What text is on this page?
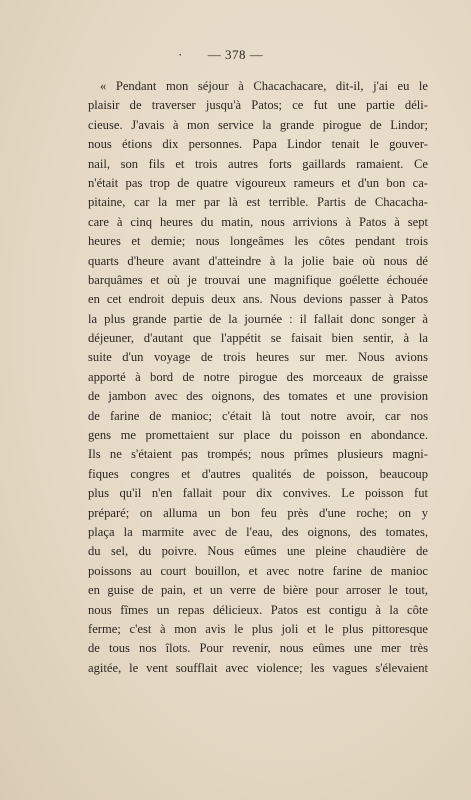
· — 378 —
« Pendant mon séjour à Chacachacare, dit-il, j'ai eu le
plaisir de traverser jusqu'à Patos; ce fut une partie déli-
cieuse. J'avais à mon service la grande pirogue de Lindor;
nous étions dix personnes. Papa Lindor tenait le gouver-
nail, son fils et trois autres forts gaillards ramaient. Ce
n'était pas trop de quatre vigoureux rameurs et d'un bon ca-
pitaine, car la mer par là est terrible. Partis de Chacacha-
care à cinq heures du matin, nous arrivions à Patos à sept
heures et demie; nous longeâmes les côtes pendant trois
quarts d'heure avant d'atteindre à la jolie baie où nous dé
barquâmes et où je trouvai une magnifique goélette échouée
en cet endroit depuis deux ans. Nous devions passer à Patos
la plus grande partie de la journée : il fallait donc songer à
déjeuner, d'autant que l'appétit se faisait bien sentir, à la
suite d'un voyage de trois heures sur mer. Nous avions
apporté à bord de notre pirogue des morceaux de graisse
de jambon avec des oignons, des tomates et une provision
de farine de manioc; c'était là tout notre avoir, car nos
gens me promettaient sur place du poisson en abondance.
Ils ne s'étaient pas trompés; nous prîmes plusieurs magni-
fiques congres et d'autres qualités de poisson, beaucoup
plus qu'il n'en fallait pour dix convives. Le poisson fut
préparé; on alluma un bon feu près d'une roche; on y
plaça la marmite avec de l'eau, des oignons, des tomates,
du sel, du poivre. Nous eûmes une pleine chaudière de
poissons au court bouillon, et avec notre farine de manioc
en guise de pain, et un verre de bière pour arroser le tout,
nous fîmes un repas délicieux. Patos est contigu à la côte
ferme; c'est à mon avis le plus joli et le plus pittoresque
de tous nos îlots. Pour revenir, nous eûmes une mer très
agitée, le vent soufflait avec violence; les vagues s'élevaient
